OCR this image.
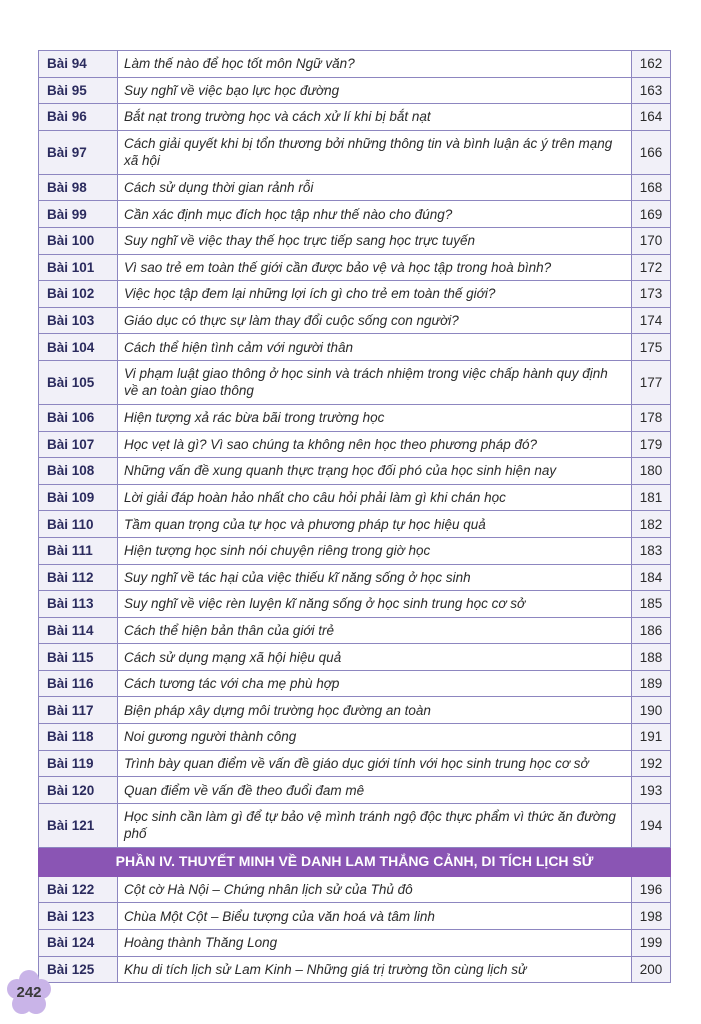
Bài 94	Làm thế nào để học tốt môn Ngữ văn?	162
Bài 95	Suy nghĩ về việc bạo lực học đường	163
Bài 96	Bắt nạt trong trường học và cách xử lí khi bị bắt nạt	164
Bài 97	Cách giải quyết khi bị tổn thương bởi những thông tin và bình luận ác ý trên mạng xã hội	166
Bài 98	Cách sử dụng thời gian rảnh rỗi	168
Bài 99	Cần xác định mục đích học tập như thế nào cho đúng?	169
Bài 100	Suy nghĩ về việc thay thế học trực tiếp sang học trực tuyến	170
Bài 101	Vì sao trẻ em toàn thế giới cần được bảo vệ và học tập trong hoà bình?	172
Bài 102	Việc học tập đem lại những lợi ích gì cho trẻ em toàn thế giới?	173
Bài 103	Giáo dục có thực sự làm thay đổi cuộc sống con người?	174
Bài 104	Cách thể hiện tình cảm với người thân	175
Bài 105	Vi phạm luật giao thông ở học sinh và trách nhiệm trong việc chấp hành quy định về an toàn giao thông	177
Bài 106	Hiện tượng xả rác bừa bãi trong trường học	178
Bài 107	Học vẹt là gì? Vì sao chúng ta không nên học theo phương pháp đó?	179
Bài 108	Những vấn đề xung quanh thực trạng học đối phó của học sinh hiện nay	180
Bài 109	Lời giải đáp hoàn hảo nhất cho câu hỏi phải làm gì khi chán học	181
Bài 110	Tầm quan trọng của tự học và phương pháp tự học hiệu quả	182
Bài 111	Hiện tượng học sinh nói chuyện riêng trong giờ học	183
Bài 112	Suy nghĩ về tác hại của việc thiếu kĩ năng sống ở học sinh	184
Bài 113	Suy nghĩ về việc rèn luyện kĩ năng sống ở học sinh trung học cơ sở	185
Bài 114	Cách thể hiện bản thân của giới trẻ	186
Bài 115	Cách sử dụng mạng xã hội hiệu quả	188
Bài 116	Cách tương tác với cha mẹ phù hợp	189
Bài 117	Biện pháp xây dựng môi trường học đường an toàn	190
Bài 118	Noi gương người thành công	191
Bài 119	Trình bày quan điểm về vấn đề giáo dục giới tính với học sinh trung học cơ sở	192
Bài 120	Quan điểm về vấn đề theo đuổi đam mê	193
Bài 121	Học sinh cần làm gì để tự bảo vệ mình tránh ngộ độc thực phẩm vì thức ăn đường phố	194
PHẦN IV. THUYẾT MINH VỀ DANH LAM THẮNG CẢNH, DI TÍCH LỊCH SỬ		
Bài 122	Cột cờ Hà Nội – Chứng nhân lịch sử của Thủ đô	196
Bài 123	Chùa Một Cột – Biểu tượng của văn hoá và tâm linh	198
Bài 124	Hoàng thành Thăng Long	199
Bài 125	Khu di tích lịch sử Lam Kinh – Những giá trị trường tồn cùng lịch sử	200
242
